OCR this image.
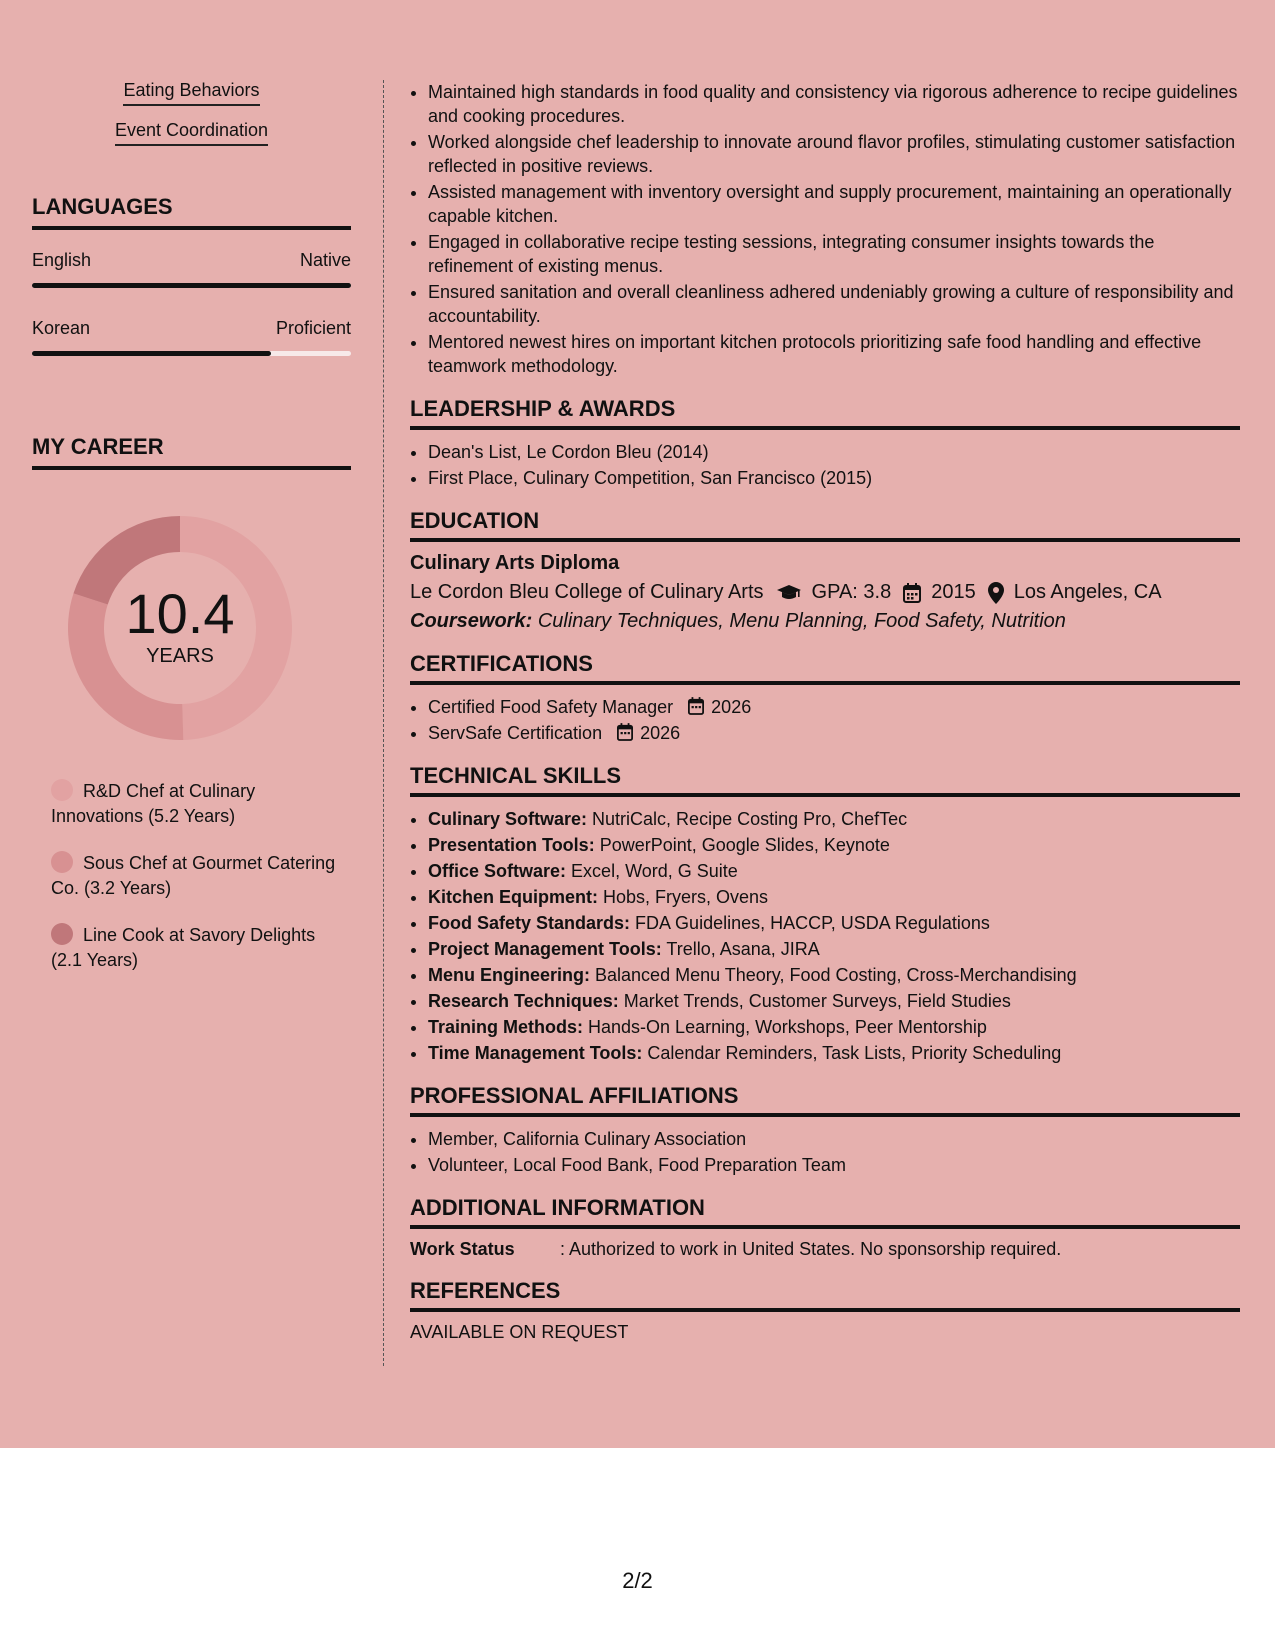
Eating Behaviors
Event Coordination
LANGUAGES
English	Native
Korean	Proficient
MY CAREER
10.4
YEARS
R&D Chef at Culinary Innovations (5.2 Years)
Sous Chef at Gourmet Catering Co. (3.2 Years)
Line Cook at Savory Delights (2.1 Years)
• Maintained high standards in food quality and consistency via rigorous adherence to recipe guidelines and cooking procedures.
• Worked alongside chef leadership to innovate around flavor profiles, stimulating customer satisfaction reflected in positive reviews.
• Assisted management with inventory oversight and supply procurement, maintaining an operationally capable kitchen.
• Engaged in collaborative recipe testing sessions, integrating consumer insights towards the refinement of existing menus.
• Ensured sanitation and overall cleanliness adhered undeniably growing a culture of responsibility and accountability.
• Mentored newest hires on important kitchen protocols prioritizing safe food handling and effective teamwork methodology.
LEADERSHIP & AWARDS
• Dean's List, Le Cordon Bleu (2014)
• First Place, Culinary Competition, San Francisco (2015)
EDUCATION
Culinary Arts Diploma
Le Cordon Bleu College of Culinary Arts GPA: 3.8 2015 Los Angeles, CA
Coursework: Culinary Techniques, Menu Planning, Food Safety, Nutrition
CERTIFICATIONS
• Certified Food Safety Manager 2026
• ServSafe Certification 2026
TECHNICAL SKILLS
• Culinary Software: NutriCalc, Recipe Costing Pro, ChefTec
• Presentation Tools: PowerPoint, Google Slides, Keynote
• Office Software: Excel, Word, G Suite
• Kitchen Equipment: Hobs, Fryers, Ovens
• Food Safety Standards: FDA Guidelines, HACCP, USDA Regulations
• Project Management Tools: Trello, Asana, JIRA
• Menu Engineering: Balanced Menu Theory, Food Costing, Cross-Merchandising
• Research Techniques: Market Trends, Customer Surveys, Field Studies
• Training Methods: Hands-On Learning, Workshops, Peer Mentorship
• Time Management Tools: Calendar Reminders, Task Lists, Priority Scheduling
PROFESSIONAL AFFILIATIONS
• Member, California Culinary Association
• Volunteer, Local Food Bank, Food Preparation Team
ADDITIONAL INFORMATION
Work Status	: Authorized to work in United States. No sponsorship required.
REFERENCES
AVAILABLE ON REQUEST
2/2
